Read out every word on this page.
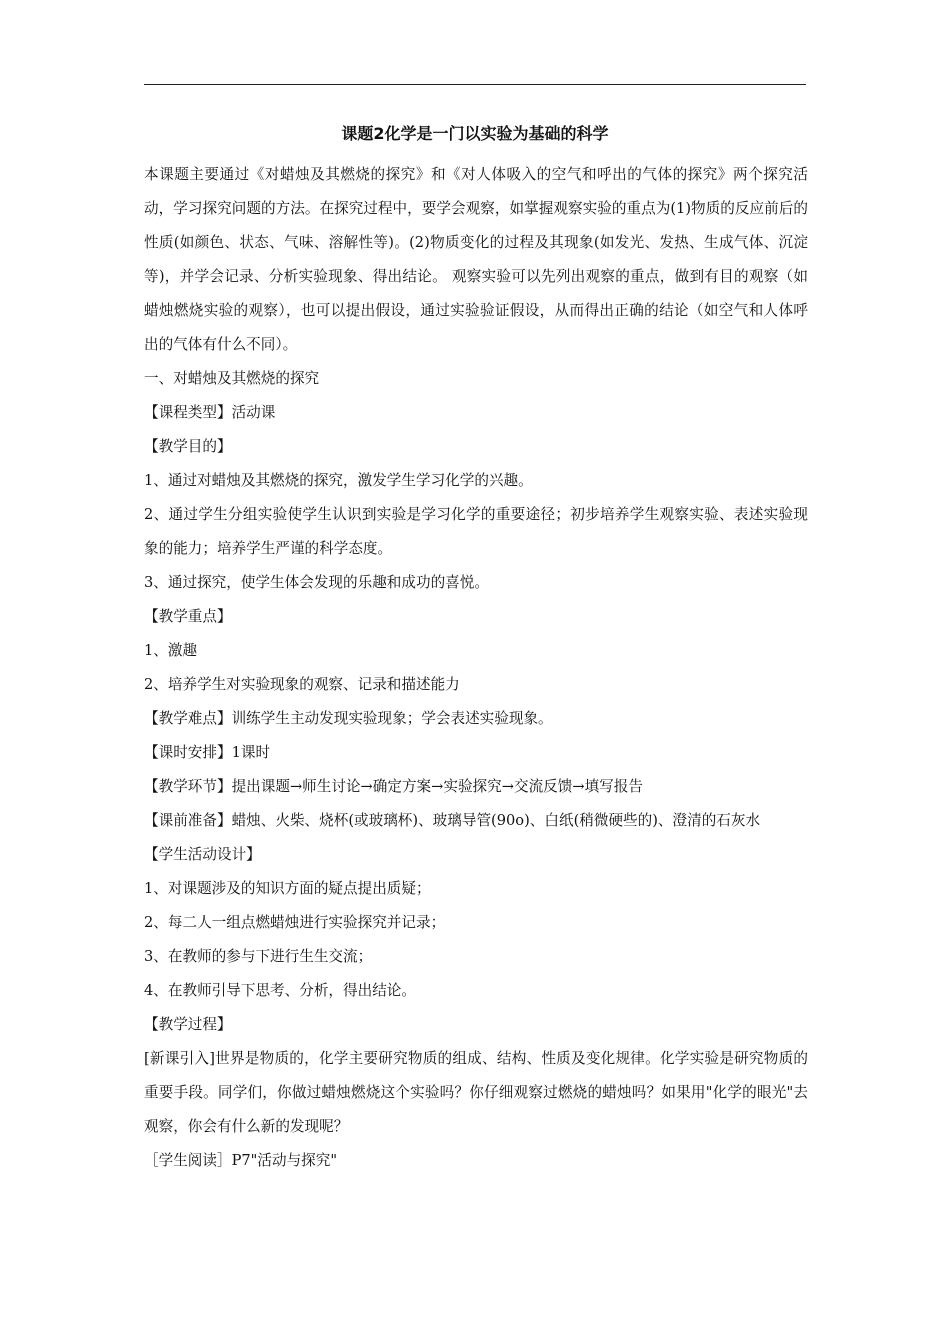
课题2化学是一门以实验为基础的科学

本课题主要通过《对蜡烛及其燃烧的探究》和《对人体吸入的空气和呼出的气体的探究》两个探究活动，学习探究问题的方法。在探究过程中，要学会观察，如掌握观察实验的重点为(1)物质的反应前后的性质(如颜色、状态、气味、溶解性等)。(2)物质变化的过程及其现象(如发光、发热、生成气体、沉淀等)，并学会记录、分析实验现象、得出结论。 观察实验可以先列出观察的重点，做到有目的观察（如蜡烛燃烧实验的观察），也可以提出假设，通过实验验证假设，从而得出正确的结论（如空气和人体呼出的气体有什么不同）。

一、对蜡烛及其燃烧的探究

【课程类型】活动课

【教学目的】

1、通过对蜡烛及其燃烧的探究，激发学生学习化学的兴趣。

2、通过学生分组实验使学生认识到实验是学习化学的重要途径；初步培养学生观察实验、表述实验现象的能力；培养学生严谨的科学态度。

3、通过探究，使学生体会发现的乐趣和成功的喜悦。

【教学重点】

1、激趣

2、培养学生对实验现象的观察、记录和描述能力

【教学难点】训练学生主动发现实验现象；学会表述实验现象。

【课时安排】1课时

【教学环节】提出课题→师生讨论→确定方案→实验探究→交流反馈→填写报告

【课前准备】蜡烛、火柴、烧杯(或玻璃杯)、玻璃导管(90o)、白纸(稍微硬些的)、澄清的石灰水

【学生活动设计】

1、对课题涉及的知识方面的疑点提出质疑；

2、每二人一组点燃蜡烛进行实验探究并记录；

3、在教师的参与下进行生生交流；

4、在教师引导下思考、分析，得出结论。

【教学过程】

[新课引入]世界是物质的，化学主要研究物质的组成、结构、性质及变化规律。化学实验是研究物质的重要手段。同学们，你做过蜡烛燃烧这个实验吗？你仔细观察过燃烧的蜡烛吗？如果用"化学的眼光"去观察，你会有什么新的发现呢？

［学生阅读］P7"活动与探究"
